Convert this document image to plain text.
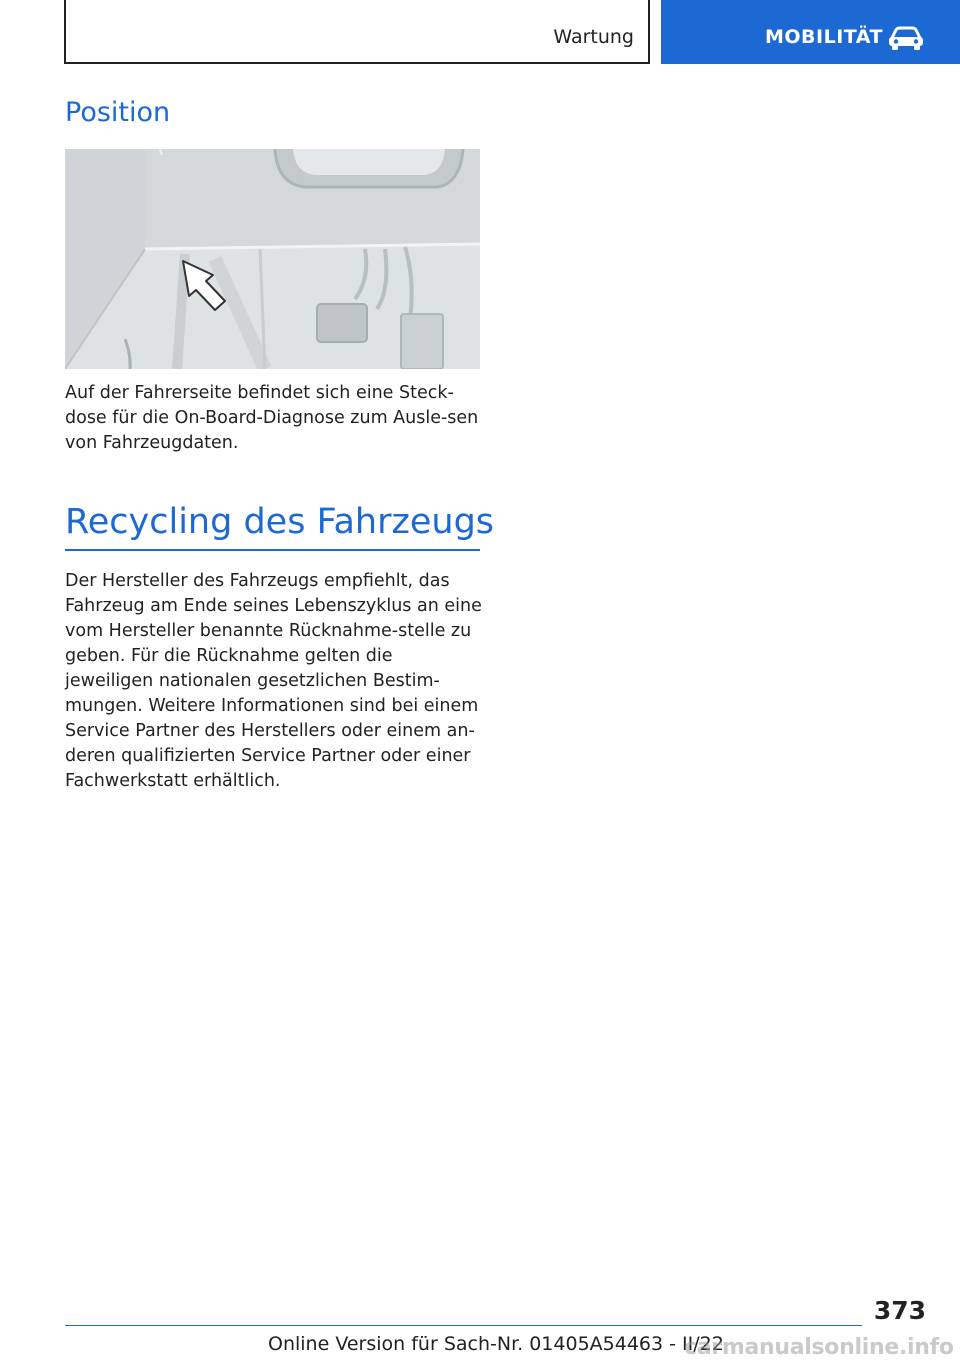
Wartung	MOBILITÄT
Position

Auf der Fahrerseite befindet sich eine Steck-dose für die On-Board-Diagnose zum Ausle-sen von Fahrzeugdaten.

Recycling des Fahrzeugs

Der Hersteller des Fahrzeugs empfiehlt, das Fahrzeug am Ende seines Lebenszyklus an eine vom Hersteller benannte Rücknahme-stelle zu geben. Für die Rücknahme gelten die jeweiligen nationalen gesetzlichen Bestim-mungen. Weitere Informationen sind bei einem Service Partner des Herstellers oder einem an-deren qualifizierten Service Partner oder einer Fachwerkstatt erhältlich.

373
Online Version für Sach-Nr. 01405A54463 - II/22
carmanualsonline.info
